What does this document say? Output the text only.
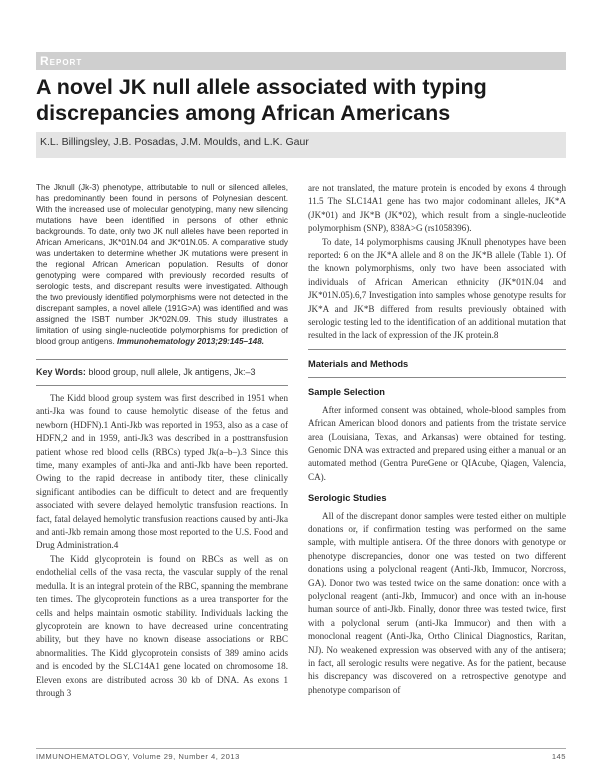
Report
A novel JK null allele associated with typing discrepancies among African Americans
K.L. Billingsley, J.B. Posadas, J.M. Moulds, and L.K. Gaur

The Jknull (Jk-3) phenotype, attributable to null or silenced alleles, has predominantly been found in persons of Polynesian descent. With the increased use of molecular genotyping, many new silencing mutations have been identified in persons of other ethnic backgrounds. To date, only two JK null alleles have been reported in African Americans, JK*01N.04 and JK*01N.05. A comparative study was undertaken to determine whether JK mutations were present in the regional African American population. Results of donor genotyping were compared with previously recorded results of serologic tests, and discrepant results were investigated. Although the two previously identified polymorphisms were not detected in the discrepant samples, a novel allele (191G>A) was identified and was assigned the ISBT number JK*02N.09. This study illustrates a limitation of using single-nucleotide polymorphisms for prediction of blood group antigens. Immunohematology 2013;29:145–148.

Key Words: blood group, null allele, Jk antigens, Jk:–3

The Kidd blood group system was first described in 1951 when anti-Jka was found to cause hemolytic disease of the fetus and newborn (HDFN).1 Anti-Jkb was reported in 1953, also as a case of HDFN,2 and in 1959, anti-Jk3 was described in a posttransfusion patient whose red blood cells (RBCs) typed Jk(a–b–).3 Since this time, many examples of anti-Jka and anti-Jkb have been reported. Owing to the rapid decrease in antibody titer, these clinically significant antibodies can be difficult to detect and are frequently associated with severe delayed hemolytic transfusion reactions. In fact, fatal delayed hemolytic transfusion reactions caused by anti-Jka and anti-Jkb remain among those most reported to the U.S. Food and Drug Administration.4

The Kidd glycoprotein is found on RBCs as well as on endothelial cells of the vasa recta, the vascular supply of the renal medulla. It is an integral protein of the RBC, spanning the membrane ten times. The glycoprotein functions as a urea transporter for the cells and helps maintain osmotic stability. Individuals lacking the glycoprotein are known to have decreased urine concentrating ability, but they have no known disease associations or RBC abnormalities. The Kidd glycoprotein consists of 389 amino acids and is encoded by the SLC14A1 gene located on chromosome 18. Eleven exons are distributed across 30 kb of DNA. As exons 1 through 3

are not translated, the mature protein is encoded by exons 4 through 11.5 The SLC14A1 gene has two major codominant alleles, JK*A (JK*01) and JK*B (JK*02), which result from a single-nucleotide polymorphism (SNP), 838A>G (rs1058396).

To date, 14 polymorphisms causing JKnull phenotypes have been reported: 6 on the JK*A allele and 8 on the JK*B allele (Table 1). Of the known polymorphisms, only two have been associated with individuals of African American ethnicity (JK*01N.04 and JK*01N.05).6,7 Investigation into samples whose genotype results for JK*A and JK*B differed from results previously obtained with serologic testing led to the identification of an additional mutation that resulted in the lack of expression of the JK protein.8

Materials and Methods
Sample Selection

After informed consent was obtained, whole-blood samples from African American blood donors and patients from the tristate service area (Louisiana, Texas, and Arkansas) were obtained for testing. Genomic DNA was extracted and prepared using either a manual or an automated method (Gentra PureGene or QIAcube, Qiagen, Valencia, CA).

Serologic Studies

All of the discrepant donor samples were tested either on multiple donations or, if confirmation testing was performed on the same sample, with multiple antisera. Of the three donors with genotype or phenotype discrepancies, donor one was tested on two different donations using a polyclonal reagent (Anti-Jkb, Immucor, Norcross, GA). Donor two was tested twice on the same donation: once with a polyclonal reagent (anti-Jkb, Immucor) and once with an in-house human source of anti-Jkb. Finally, donor three was tested twice, first with a polyclonal serum (anti-Jka Immucor) and then with a monoclonal reagent (Anti-Jka, Ortho Clinical Diagnostics, Raritan, NJ). No weakened expression was observed with any of the antisera; in fact, all serologic results were negative. As for the patient, because his discrepancy was discovered on a retrospective genotype and phenotype comparison of

IMMUNOHEMATOLOGY, Volume 29, Number 4, 2013	145
